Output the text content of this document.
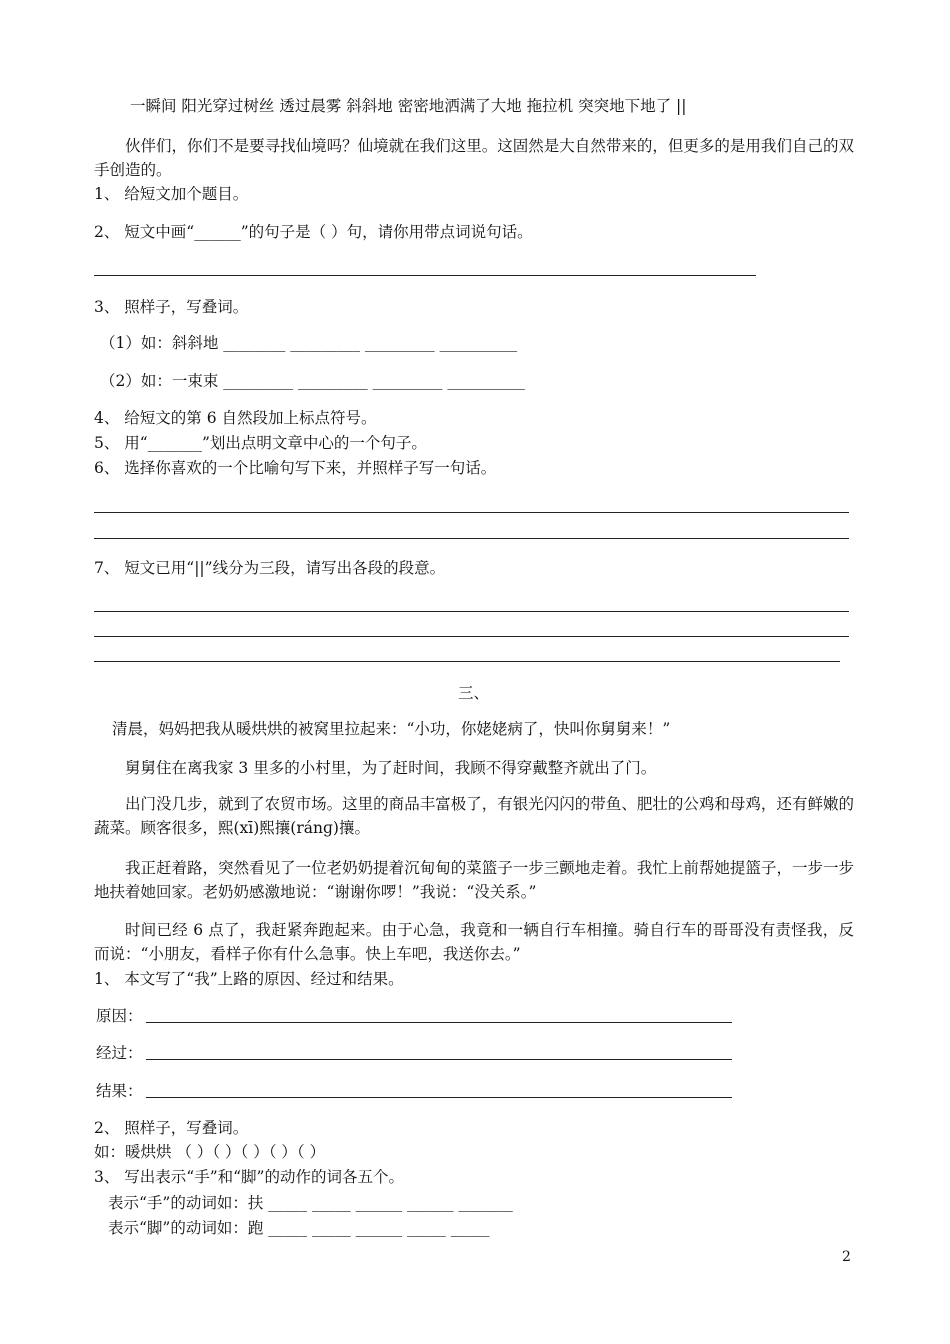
一瞬间 阳光穿过树丝 透过晨雾 斜斜地 密密地洒满了大地 拖拉机 突突地下地了 ||
伙伴们，你们不是要寻找仙境吗？仙境就在我们这里。这固然是大自然带来的，但更多的是用我们自己的双手创造的。
1、 给短文加个题目。
2、 短文中画“______”的句子是（ ）句，请你用带点词说句话。
3、 照样子，写叠词。
（1）如：斜斜地 ________ _________ _________ __________
（2）如：一束束 _________ _________ _________ __________
4、 给短文的第 6 自然段加上标点符号。
5、 用“_______”划出点明文章中心的一个句子。
6、 选择你喜欢的一个比喻句写下来，并照样子写一句话。
7、 短文已用“||”线分为三段，请写出各段的段意。
三、
清晨，妈妈把我从暖烘烘的被窝里拉起来：“小功，你姥姥病了，快叫你舅舅来！”
舅舅住在离我家 3 里多的小村里，为了赶时间，我顾不得穿戴整齐就出了门。
出门没几步，就到了农贸市场。这里的商品丰富极了，有银光闪闪的带鱼、肥壮的公鸡和母鸡，还有鲜嫩的蔬菜。顾客很多，熙(xī)熙攘(ránɡ)攘。
我正赶着路，突然看见了一位老奶奶提着沉甸甸的菜篮子一步三颤地走着。我忙上前帮她提篮子，一步一步地扶着她回家。老奶奶感激地说：“谢谢你啰！”我说：“没关系。”
时间已经 6 点了，我赶紧奔跑起来。由于心急，我竟和一辆自行车相撞。骑自行车的哥哥没有责怪我，反而说：“小朋友，看样子你有什么急事。快上车吧，我送你去。”
1、 本文写了“我”上路的原因、经过和结果。
原因：
经过：
结果：
2、 照样子，写叠词。
如：暖烘烘 （ ）（ ）（ ）（ ）（ ）
3、 写出表示“手”和“脚”的动作的词各五个。
表示“手”的动词如：扶 _____ _____ ______ ______ _______
表示“脚”的动词如：跑 _____ _____ ______ _____ _____
2
